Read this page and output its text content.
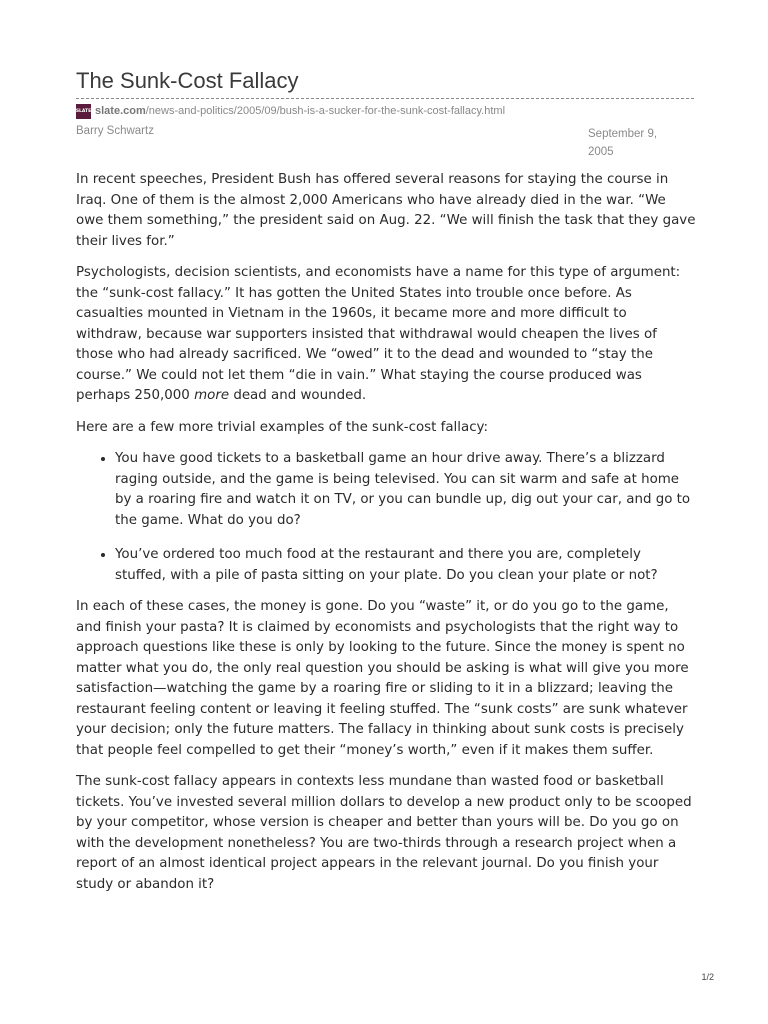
The Sunk-Cost Fallacy
SLATE slate.com /news-and-politics/2005/09/bush-is-a-sucker-for-the-sunk-cost-fallacy.html
Barry Schwartz	September 9, 2005

In recent speeches, President Bush has offered several reasons for staying the course in Iraq. One of them is the almost 2,000 Americans who have already died in the war. “We owe them something,” the president said on Aug. 22. “We will finish the task that they gave their lives for.”

Psychologists, decision scientists, and economists have a name for this type of argument: the “sunk-cost fallacy.” It has gotten the United States into trouble once before. As casualties mounted in Vietnam in the 1960s, it became more and more difficult to withdraw, because war supporters insisted that withdrawal would cheapen the lives of those who had already sacrificed. We “owed” it to the dead and wounded to “stay the course.” We could not let them “die in vain.” What staying the course produced was perhaps 250,000 more dead and wounded.

Here are a few more trivial examples of the sunk-cost fallacy:

• You have good tickets to a basketball game an hour drive away. There’s a blizzard raging outside, and the game is being televised. You can sit warm and safe at home by a roaring fire and watch it on TV, or you can bundle up, dig out your car, and go to the game. What do you do?
• You’ve ordered too much food at the restaurant and there you are, completely stuffed, with a pile of pasta sitting on your plate. Do you clean your plate or not?

In each of these cases, the money is gone. Do you “waste” it, or do you go to the game, and finish your pasta? It is claimed by economists and psychologists that the right way to approach questions like these is only by looking to the future. Since the money is spent no matter what you do, the only real question you should be asking is what will give you more satisfaction—watching the game by a roaring fire or sliding to it in a blizzard; leaving the restaurant feeling content or leaving it feeling stuffed. The “sunk costs” are sunk whatever your decision; only the future matters. The fallacy in thinking about sunk costs is precisely that people feel compelled to get their “money’s worth,” even if it makes them suffer.

The sunk-cost fallacy appears in contexts less mundane than wasted food or basketball tickets. You’ve invested several million dollars to develop a new product only to be scooped by your competitor, whose version is cheaper and better than yours will be. Do you go on with the development nonetheless? You are two-thirds through a research project when a report of an almost identical project appears in the relevant journal. Do you finish your study or abandon it?

1/2
